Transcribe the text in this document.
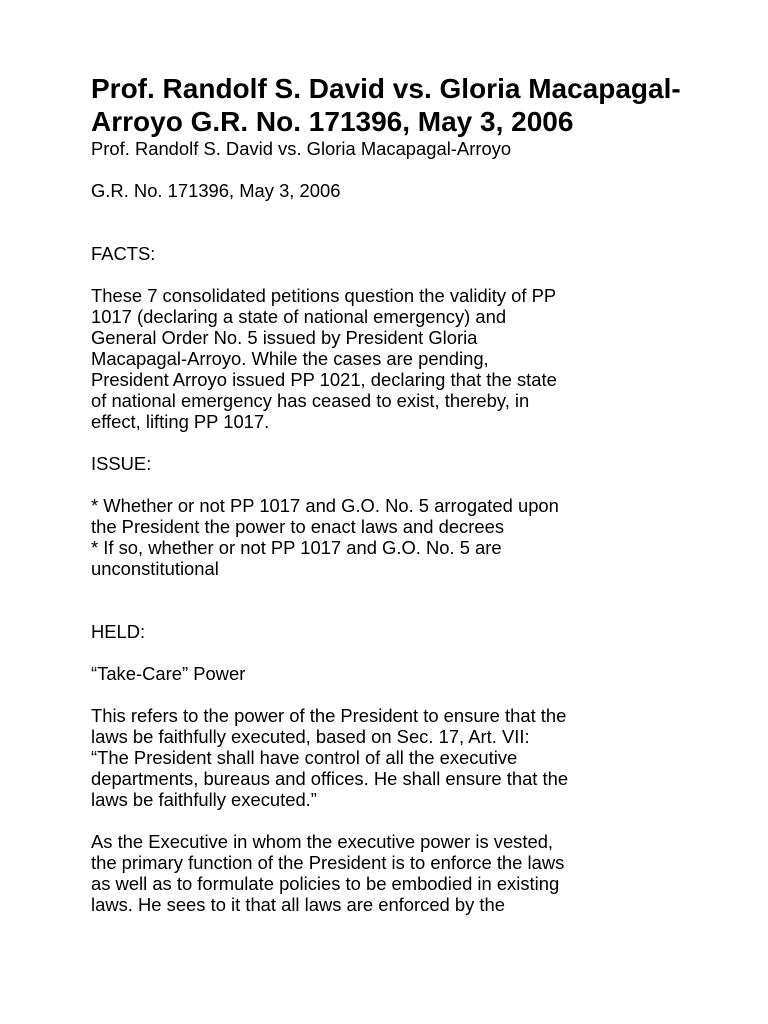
Prof. Randolf S. David vs. Gloria Macapagal-Arroyo G.R. No. 171396, May 3, 2006

Prof. Randolf S. David vs. Gloria Macapagal-Arroyo

G.R. No. 171396, May 3, 2006

FACTS:

These 7 consolidated petitions question the validity of PP
1017 (declaring a state of national emergency) and
General Order No. 5 issued by President Gloria
Macapagal-Arroyo. While the cases are pending,
President Arroyo issued PP 1021, declaring that the state
of national emergency has ceased to exist, thereby, in
effect, lifting PP 1017.

ISSUE:

* Whether or not PP 1017 and G.O. No. 5 arrogated upon
the President the power to enact laws and decrees

* If so, whether or not PP 1017 and G.O. No. 5 are
unconstitutional

HELD:

“Take-Care” Power

This refers to the power of the President to ensure that the
laws be faithfully executed, based on Sec. 17, Art. VII:
“The President shall have control of all the executive
departments, bureaus and offices. He shall ensure that the
laws be faithfully executed.”

As the Executive in whom the executive power is vested,
the primary function of the President is to enforce the laws
as well as to formulate policies to be embodied in existing
laws. He sees to it that all laws are enforced by the
